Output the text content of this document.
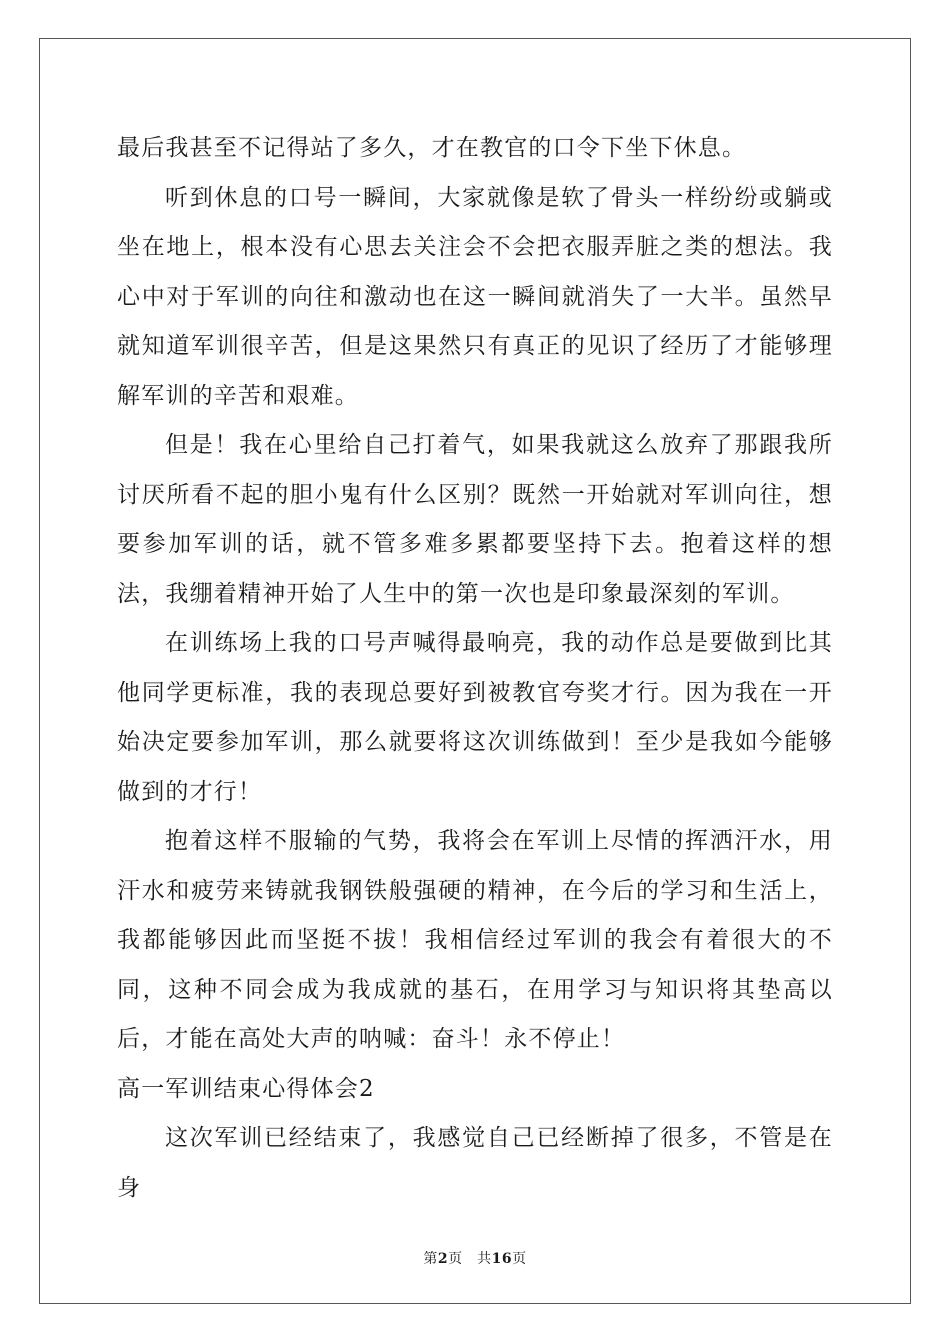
最后我甚至不记得站了多久，才在教官的口令下坐下休息。

听到休息的口号一瞬间，大家就像是软了骨头一样纷纷或躺或坐在地上，根本没有心思去关注会不会把衣服弄脏之类的想法。我心中对于军训的向往和激动也在这一瞬间就消失了一大半。虽然早就知道军训很辛苦，但是这果然只有真正的见识了经历了才能够理解军训的辛苦和艰难。

但是！我在心里给自己打着气，如果我就这么放弃了那跟我所讨厌所看不起的胆小鬼有什么区别？既然一开始就对军训向往，想要参加军训的话，就不管多难多累都要坚持下去。抱着这样的想法，我绷着精神开始了人生中的第一次也是印象最深刻的军训。

在训练场上我的口号声喊得最响亮，我的动作总是要做到比其他同学更标准，我的表现总要好到被教官夸奖才行。因为我在一开始决定要参加军训，那么就要将这次训练做到！至少是我如今能够做到的才行！

抱着这样不服输的气势，我将会在军训上尽情的挥洒汗水，用汗水和疲劳来铸就我钢铁般强硬的精神，在今后的学习和生活上，我都能够因此而坚挺不拔！我相信经过军训的我会有着很大的不同，这种不同会成为我成就的基石，在用学习与知识将其垫高以后，才能在高处大声的呐喊：奋斗！永不停止！

高一军训结束心得体会2

这次军训已经结束了，我感觉自己已经断掉了很多，不管是在身

第2页　共16页
